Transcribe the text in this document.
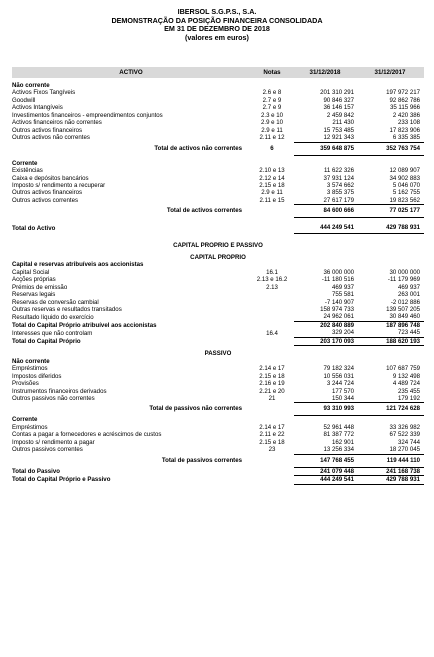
IBERSOL S.G.P.S., S.A.
DEMONSTRAÇÃO DA POSIÇÃO FINANCEIRA CONSOLIDADA
EM 31 DE DEZEMBRO DE 2018
(valores em euros)
ACTIVO	Notas	31/12/2018	31/12/2017

Não corrente			
Activos Fixos Tangíveis	2.6 e 8	201 310 291	197 972 217
Goodwill	2.7 e 9	90 846 327	92 862 786
Activos Intangíveis	2.7 e 9	36 146 157	35 115 966
Investimentos financeiros - empreendimentos conjuntos	2.3 e 10	2 459 842	2 420 386
Activos financeiros não correntes	2.9 e 10	211 430	233 108
Outros activos financeiros	2.9 e 11	15 753 485	17 823 906
Outros activos não correntes	2.11 e 12	12 921 343	6 335 385
Total de activos não correntes	6	359 648 875	352 763 754

Corrente			
Existências	2.10 e 13	11 622 326	12 089 907
Caixa e depósitos bancários	2.12 e 14	37 931 124	34 902 883
Imposto s/ rendimento a recuperar	2.15 e 18	3 574 662	5 046 070
Outros activos financeiros	2.9 e 11	3 855 375	5 162 755
Outros activos correntes	2.11 e 15	27 617 179	19 823 562
Total de activos correntes		84 600 666	77 025 177

Total do Activo		444 249 541	429 788 931

CAPITAL PRÓPRIO E PASSIVO			

CAPITAL PRÓPRIO			
Capital e reservas atribuíveis aos accionistas			
Capital Social	16.1	36 000 000	30 000 000
Acções próprias	2.13 e 16.2	-11 180 516	-11 179 969
Prémios de emissão	2.13	469 937	469 937
Reservas legais		755 581	263 001
Reservas de conversão cambial		-7 140 907	-2 012 886
Outras reservas e resultados transitados		158 974 733	139 507 205
Resultado líquido do exercício		24 962 061	30 849 460
Total do Capital Próprio atribuível aos accionistas		202 840 889	187 896 748
Interesses que não controlam	16.4	329 204	723 445
Total do Capital Próprio		203 170 093	188 620 193

PASSIVO			
Não corrente			
Empréstimos	2.14 e 17	79 182 324	107 687 759
Impostos diferidos	2.15 e 18	10 556 031	9 132 498
Provisões	2.16 e 19	3 244 724	4 489 724
Instrumentos financeiros derivados	2.21 e 20	177 570	235 455
Outros passivos não correntes	21	150 344	179 192
Total de passivos não correntes		93 310 993	121 724 628
Corrente			
Empréstimos	2.14 e 17	52 961 448	33 326 982
Contas a pagar a fornecedores e acréscimos de custos	2.11 e 22	81 387 772	67 522 339
Imposto s/ rendimento a pagar	2.15 e 18	162 901	324 744
Outros passivos correntes	23	13 256 334	18 270 045
Total de passivos correntes		147 768 455	119 444 110
Total do Passivo		241 079 448	241 168 738
Total do Capital Próprio e Passivo		444 249 541	429 788 931
